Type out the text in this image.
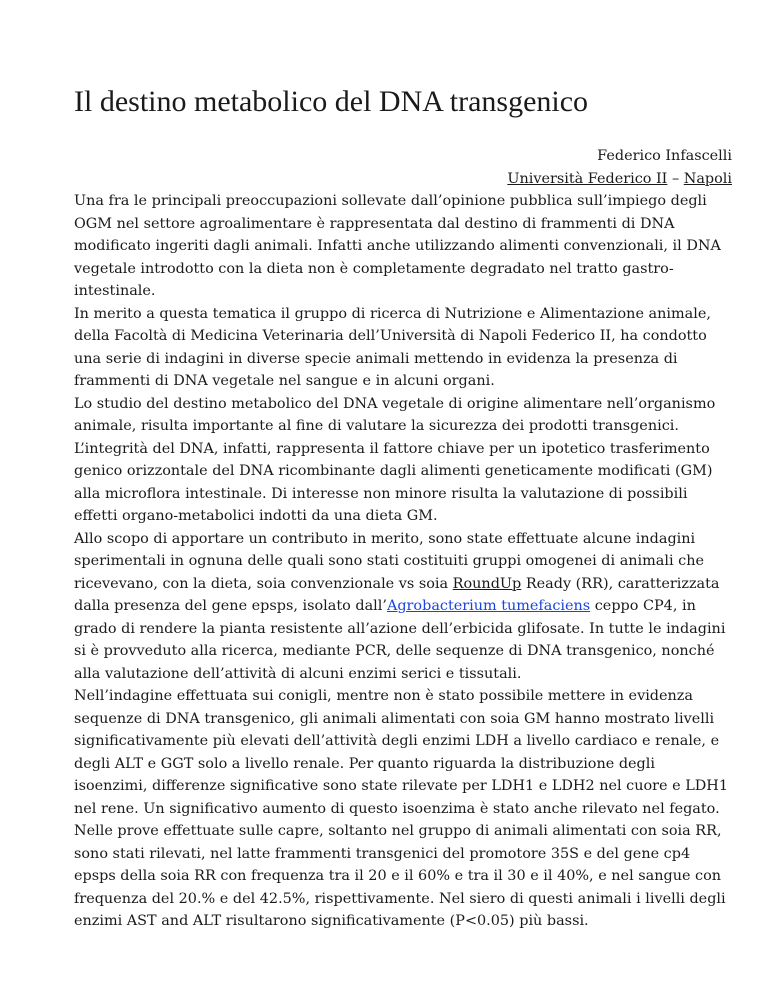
Il destino metabolico del DNA transgenico
Federico Infascelli
Università Federico II – Napoli

Una fra le principali preoccupazioni sollevate dall’opinione pubblica sull’impiego degli OGM nel settore agroalimentare è rappresentata dal destino di frammenti di DNA modificato ingeriti dagli animali. Infatti anche utilizzando alimenti convenzionali, il DNA vegetale introdotto con la dieta non è completamente degradato nel tratto gastro-intestinale.

In merito a questa tematica il gruppo di ricerca di Nutrizione e Alimentazione animale, della Facoltà di Medicina Veterinaria dell’Università di Napoli Federico II, ha condotto una serie di indagini in diverse specie animali mettendo in evidenza la presenza di frammenti di DNA vegetale nel sangue e in alcuni organi.

Lo studio del destino metabolico del DNA vegetale di origine alimentare nell’organismo animale, risulta importante al fine di valutare la sicurezza dei prodotti transgenici. L’integrità del DNA, infatti, rappresenta il fattore chiave per un ipotetico trasferimento genico orizzontale del DNA ricombinante dagli alimenti geneticamente modificati (GM) alla microflora intestinale. Di interesse non minore risulta la valutazione di possibili effetti organo-metabolici indotti da una dieta GM.

Allo scopo di apportare un contributo in merito, sono state effettuate alcune indagini sperimentali in ognuna delle quali sono stati costituiti gruppi omogenei di animali che ricevevano, con la dieta, soia convenzionale vs soia RoundUp Ready (RR), caratterizzata dalla presenza del gene epsps, isolato dall’Agrobacterium tumefaciens ceppo CP4, in grado di rendere la pianta resistente all’azione dell’erbicida glifosate. In tutte le indagini si è provveduto alla ricerca, mediante PCR, delle sequenze di DNA transgenico, nonché alla valutazione dell’attività di alcuni enzimi serici e tissutali.

Nell’indagine effettuata sui conigli, mentre non è stato possibile mettere in evidenza sequenze di DNA transgenico, gli animali alimentati con soia GM hanno mostrato livelli significativamente più elevati dell’attività degli enzimi LDH a livello cardiaco e renale, e degli ALT e GGT solo a livello renale. Per quanto riguarda la distribuzione degli isoenzimi, differenze significative sono state rilevate per LDH1 e LDH2 nel cuore e LDH1 nel rene. Un significativo aumento di questo isoenzima è stato anche rilevato nel fegato.

Nelle prove effettuate sulle capre, soltanto nel gruppo di animali alimentati con soia RR, sono stati rilevati, nel latte frammenti transgenici del promotore 35S e del gene cp4 epsps della soia RR con frequenza tra il 20 e il 60% e tra il 30 e il 40%, e nel sangue con frequenza del 20.% e del 42.5%, rispettivamente. Nel siero di questi animali i livelli degli enzimi AST and ALT risultarono significativamente (P<0.05) più bassi.
